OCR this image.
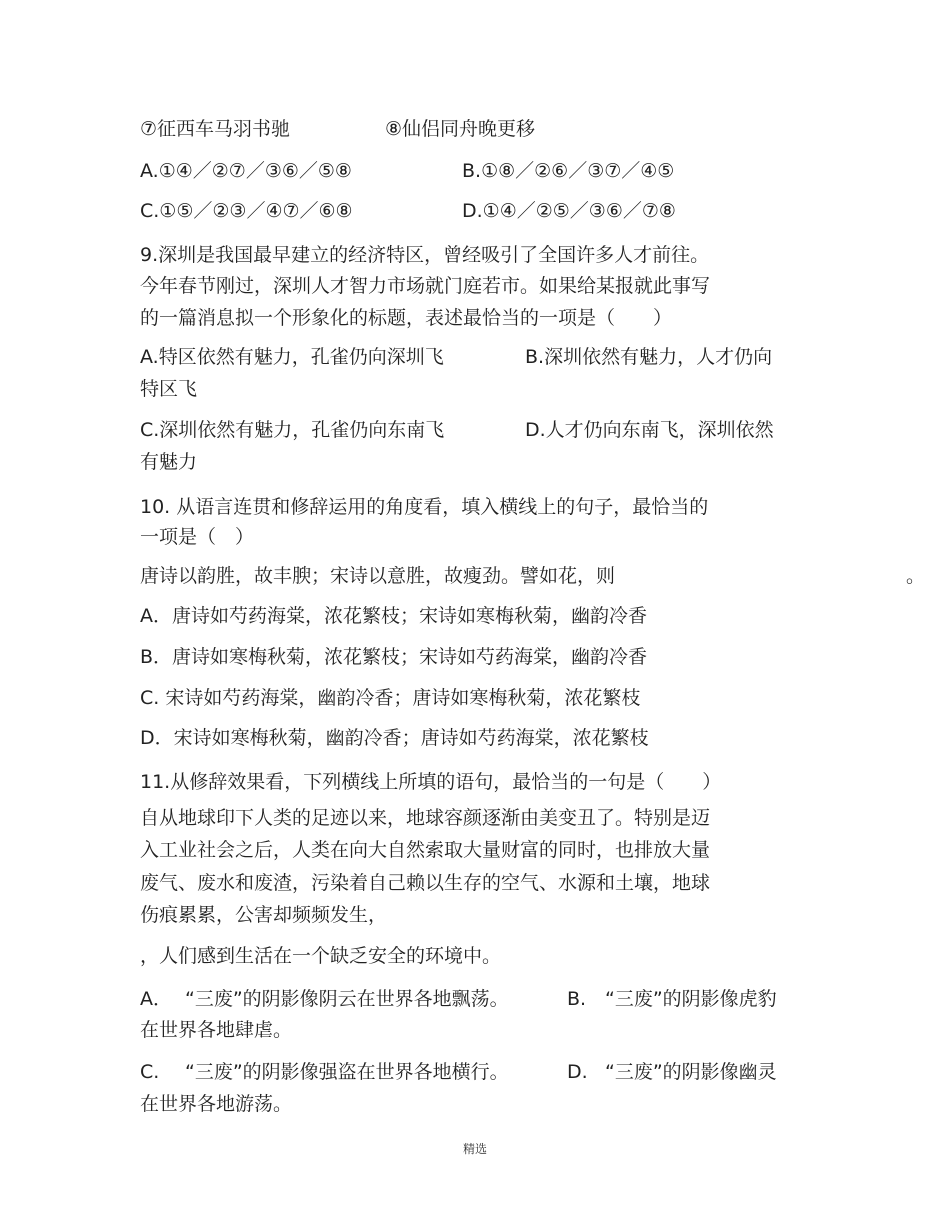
⑦征西车马羽书驰	⑧仙侣同舟晚更移
A.①④／②⑦／③⑥／⑤⑧	B.①⑧／②⑥／③⑦／④⑤
C.①⑤／②③／④⑦／⑥⑧	D.①④／②⑤／③⑥／⑦⑧
9.深圳是我国最早建立的经济特区，曾经吸引了全国许多人才前往。
今年春节刚过，深圳人才智力市场就门庭若市。如果给某报就此事写
的一篇消息拟一个形象化的标题，表述最恰当的一项是（　　）
A.特区依然有魅力，孔雀仍向深圳飞	B.深圳依然有魅力，人才仍向
特区飞
C.深圳依然有魅力，孔雀仍向东南飞	D.人才仍向东南飞，深圳依然
有魅力
10. 从语言连贯和修辞运用的角度看，填入横线上的句子，最恰当的
一项是（　）
唐诗以韵胜，故丰腴；宋诗以意胜，故瘦劲。譬如花，则	。
A．唐诗如芍药海棠，浓花繁枝；宋诗如寒梅秋菊，幽韵冷香
B．唐诗如寒梅秋菊，浓花繁枝；宋诗如芍药海棠，幽韵冷香
C. 宋诗如芍药海棠，幽韵冷香；唐诗如寒梅秋菊，浓花繁枝
D．宋诗如寒梅秋菊，幽韵冷香；唐诗如芍药海棠，浓花繁枝
11.从修辞效果看，下列横线上所填的语句，最恰当的一句是（　　）
自从地球印下人类的足迹以来，地球容颜逐渐由美变丑了。特别是迈
入工业社会之后，人类在向大自然索取大量财富的同时，也排放大量
废气、废水和废渣，污染着自己赖以生存的空气、水源和土壤，地球
伤痕累累，公害却频频发生，
，人们感到生活在一个缺乏安全的环境中。
A． “三废”的阴影像阴云在世界各地飘荡。	B. “三废”的阴影像虎豹
在世界各地肆虐。
C. “三废”的阴影像强盗在世界各地横行。	D. “三废”的阴影像幽灵
在世界各地游荡。
精选
